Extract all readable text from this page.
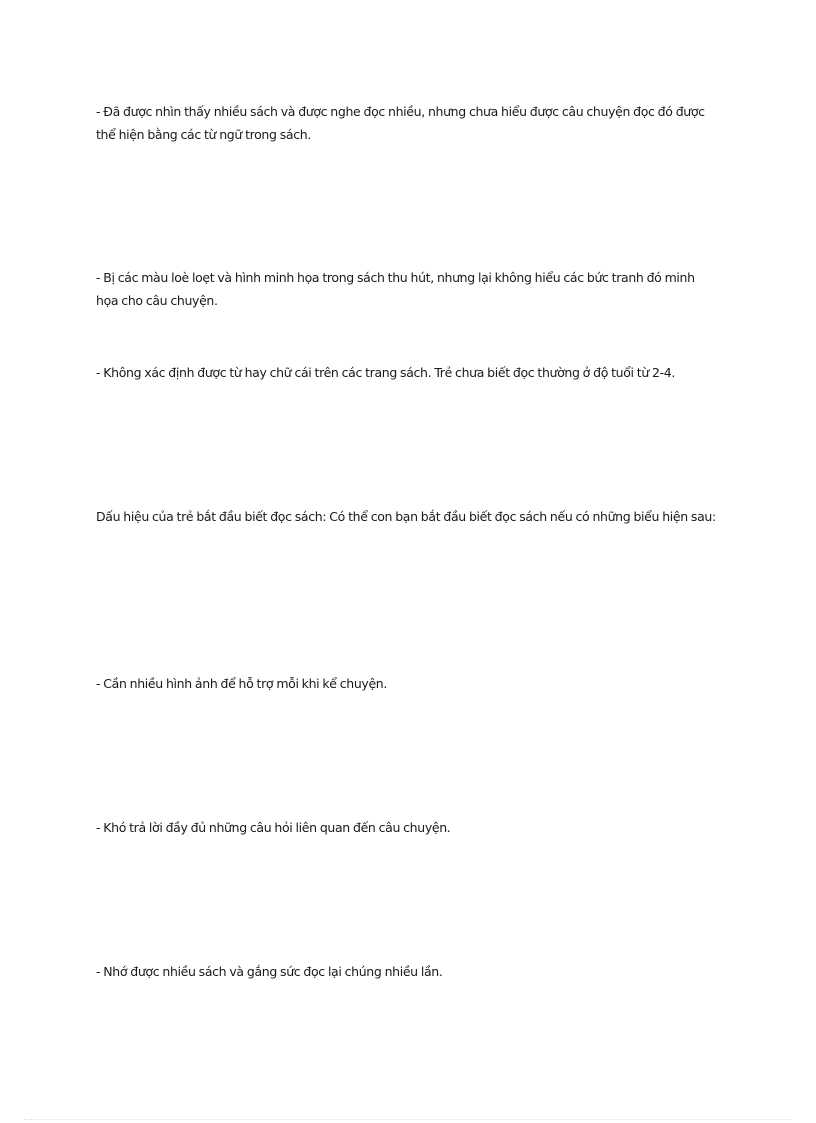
- Đã được nhìn thấy nhiều sách và được nghe đọc nhiều, nhưng chưa hiểu được câu chuyện đọc đó được thể hiện bằng các từ ngữ trong sách.

- Bị các màu loè loẹt và hình minh họa trong sách thu hút, nhưng lại không hiểu các bức tranh đó minh họa cho câu chuyện.

- Không xác định được từ hay chữ cái trên các trang sách. Trẻ chưa biết đọc thường ở độ tuổi từ 2-4.

Dấu hiệu của trẻ bắt đầu biết đọc sách: Có thể con bạn bắt đầu biết đọc sách nếu có những biểu hiện sau:

- Cần nhiều hình ảnh để hỗ trợ mỗi khi kể chuyện.

- Khó trả lời đầy đủ những câu hỏi liên quan đến câu chuyện.

- Nhớ được nhiều sách và gắng sức đọc lại chúng nhiều lần.
